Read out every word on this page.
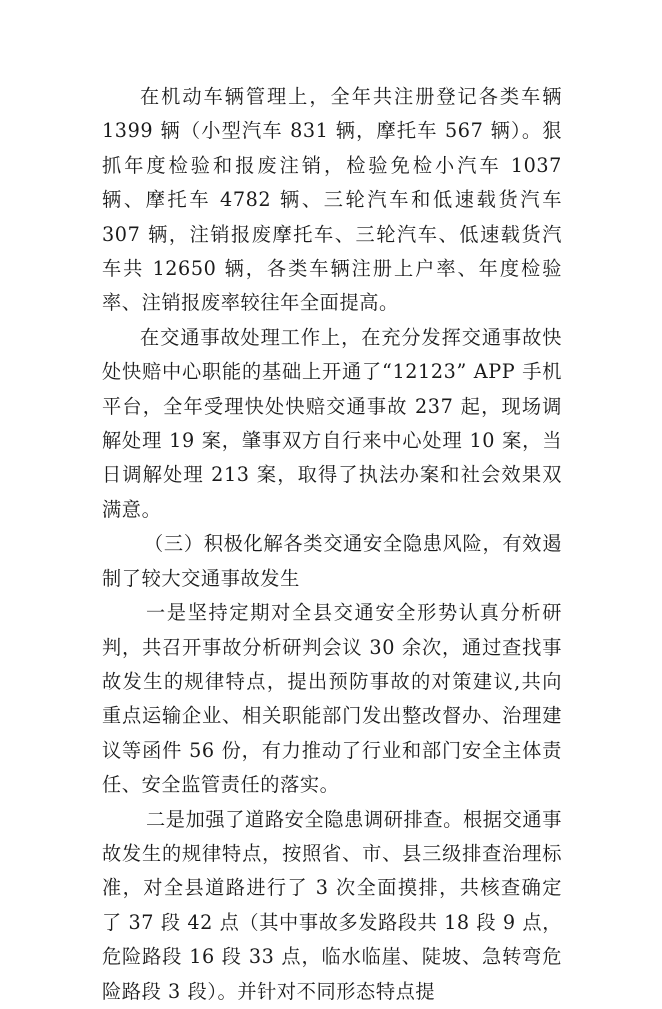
在机动车辆管理上，全年共注册登记各类车辆 1399 辆（小型汽车 831 辆，摩托车 567 辆）。狠抓年度检验和报废注销，检验免检小汽车 1037 辆、摩托车 4782 辆、三轮汽车和低速载货汽车 307 辆，注销报废摩托车、三轮汽车、低速载货汽车共 12650 辆，各类车辆注册上户率、年度检验率、注销报废率较往年全面提高。

在交通事故处理工作上，在充分发挥交通事故快处快赔中心职能的基础上开通了“12123” APP 手机平台，全年受理快处快赔交通事故 237 起，现场调解处理 19 案，肇事双方自行来中心处理 10 案，当日调解处理 213 案，取得了执法办案和社会效果双满意。

（三）积极化解各类交通安全隐患风险，有效遏制了较大交通事故发生

一是坚持定期对全县交通安全形势认真分析研判，共召开事故分析研判会议 30 余次，通过查找事故发生的规律特点，提出预防事故的对策建议,共向重点运输企业、相关职能部门发出整改督办、治理建议等函件 56 份，有力推动了行业和部门安全主体责任、安全监管责任的落实。

二是加强了道路安全隐患调研排查。根据交通事故发生的规律特点，按照省、市、县三级排查治理标准，对全县道路进行了 3 次全面摸排，共核查确定了 37 段 42 点（其中事故多发路段共 18 段 9 点，危险路段 16 段 33 点，临水临崖、陡坡、急转弯危险路段 3 段）。并针对不同形态特点提
